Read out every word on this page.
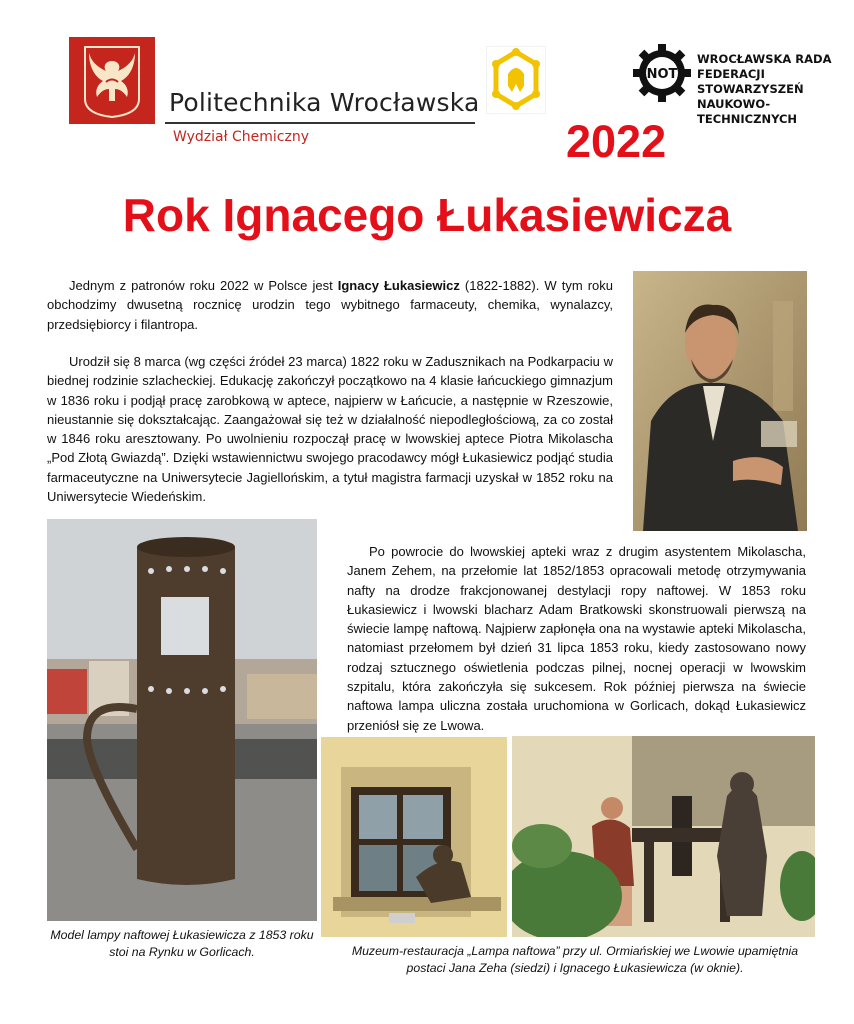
Politechnika Wrocławska
Wydział Chemiczny
NOT
WROCŁAWSKA RADA
FEDERACJI STOWARZYSZEŃ
NAUKOWO-TECHNICZNYCH
2022
Rok Ignacego Łukasiewicza
Jednym z patronów roku 2022 w Polsce jest Ignacy Łukasiewicz (1822-1882). W tym roku obchodzimy dwusetną rocznicę urodzin tego wybitnego farmaceuty, chemika, wynalazcy, przedsiębiorcy i filantropa.
Urodził się 8 marca (wg części źródeł 23 marca) 1822 roku w Zadusznikach na Podkarpaciu w biednej rodzinie szlacheckiej. Edukację zakończył początkowo na 4 klasie łańcuckiego gimnazjum w 1836 roku i podjął pracę zarobkową w aptece, najpierw w Łańcucie, a następnie w Rzeszowie, nieustannie się dokształcając. Zaangażował się też w działalność niepodległościową, za co został w 1846 roku aresztowany. Po uwolnieniu rozpoczął pracę w lwowskiej aptece Piotra Mikolascha „Pod Złotą Gwiazdą”. Dzięki wstawiennictwu swojego pracodawcy mógł Łukasiewicz podjąć studia farmaceutyczne na Uniwersytecie Jagiellońskim, a tytuł magistra farmacji uzyskał w 1852 roku na Uniwersytecie Wiedeńskim.
Po powrocie do lwowskiej apteki wraz z drugim asystentem Mikolascha, Janem Zehem, na przełomie lat 1852/1853 opracowali metodę otrzymywania nafty na drodze frakcjonowanej destylacji ropy naftowej. W 1853 roku Łukasiewicz i lwowski blacharz Adam Bratkowski skonstruowali pierwszą na świecie lampę naftową. Najpierw zapłonęła ona na wystawie apteki Mikolascha, natomiast przełomem był dzień 31 lipca 1853 roku, kiedy zastosowano nowy rodzaj sztucznego oświetlenia podczas pilnej, nocnej operacji w lwowskim szpitalu, która zakończyła się sukcesem. Rok później pierwsza na świecie naftowa lampa uliczna została uruchomiona w Gorlicach, dokąd Łukasiewicz przeniósł się ze Lwowa.
Model lampy naftowej Łukasiewicza z 1853 roku stoi na Rynku w Gorlicach.	Muzeum-restauracja „Lampa naftowa” przy ul. Ormiańskiej we Lwowie upamiętnia postaci Jana Zeha (siedzi) i Ignacego Łukasiewicza (w oknie).
